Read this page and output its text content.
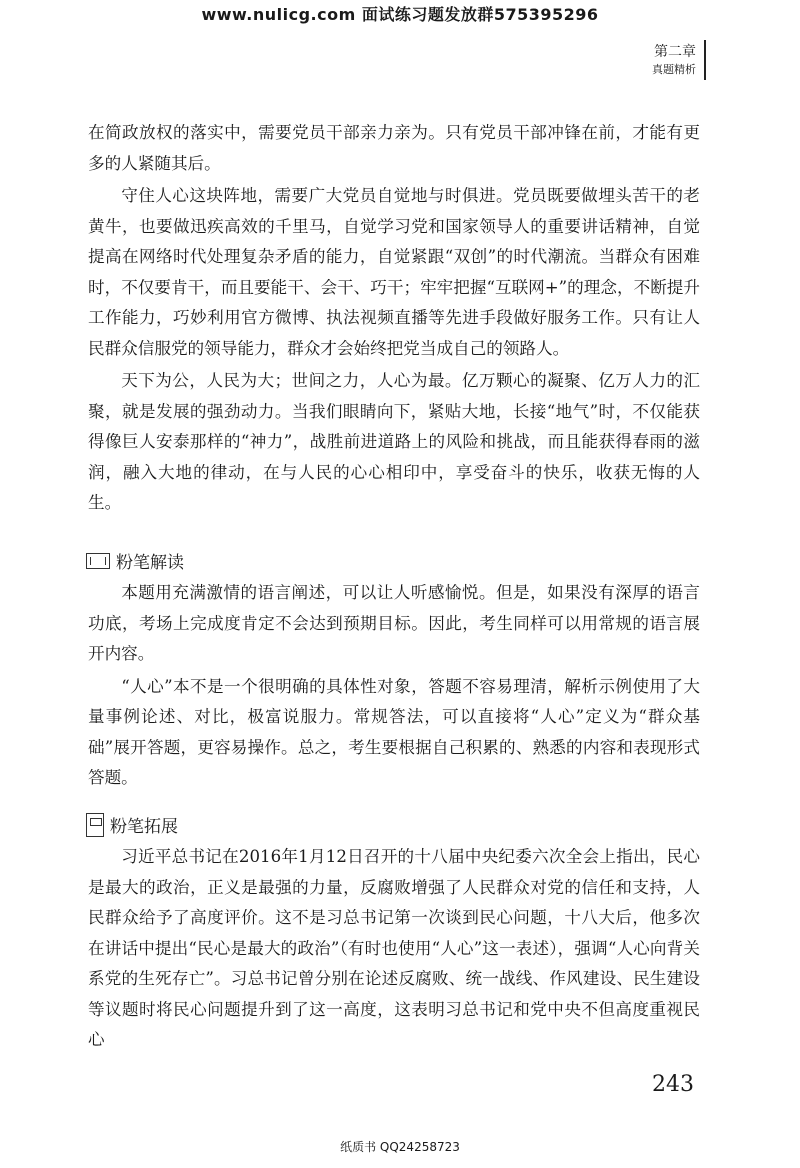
www.nulicg.com 面试练习题发放群575395296
第二章
真题精析

在简政放权的落实中，需要党员干部亲力亲为。只有党员干部冲锋在前，才能有更多的人紧随其后。

守住人心这块阵地，需要广大党员自觉地与时俱进。党员既要做埋头苦干的老黄牛，也要做迅疾高效的千里马，自觉学习党和国家领导人的重要讲话精神，自觉提高在网络时代处理复杂矛盾的能力，自觉紧跟“双创”的时代潮流。当群众有困难时，不仅要肯干，而且要能干、会干、巧干；牢牢把握“互联网+”的理念，不断提升工作能力，巧妙利用官方微博、执法视频直播等先进手段做好服务工作。只有让人民群众信服党的领导能力，群众才会始终把党当成自己的领路人。

天下为公，人民为大；世间之力，人心为最。亿万颗心的凝聚、亿万人力的汇聚，就是发展的强劲动力。当我们眼睛向下，紧贴大地，长接“地气”时，不仅能获得像巨人安泰那样的“神力”，战胜前进道路上的风险和挑战，而且能获得春雨的滋润，融入大地的律动，在与人民的心心相印中，享受奋斗的快乐，收获无悔的人生。

粉笔解读

本题用充满激情的语言阐述，可以让人听感愉悦。但是，如果没有深厚的语言功底，考场上完成度肯定不会达到预期目标。因此，考生同样可以用常规的语言展开内容。

“人心”本不是一个很明确的具体性对象，答题不容易理清，解析示例使用了大量事例论述、对比，极富说服力。常规答法，可以直接将“人心”定义为“群众基础”展开答题，更容易操作。总之，考生要根据自己积累的、熟悉的内容和表现形式答题。

粉笔拓展

习近平总书记在2016年1月12日召开的十八届中央纪委六次全会上指出，民心是最大的政治，正义是最强的力量，反腐败增强了人民群众对党的信任和支持，人民群众给予了高度评价。这不是习总书记第一次谈到民心问题，十八大后，他多次在讲话中提出“民心是最大的政治”（有时也使用“人心”这一表述），强调“人心向背关系党的生死存亡”。习总书记曾分别在论述反腐败、统一战线、作风建设、民生建设等议题时将民心问题提升到了这一高度，这表明习总书记和党中央不但高度重视民心

243
纸质书 QQ24258723
